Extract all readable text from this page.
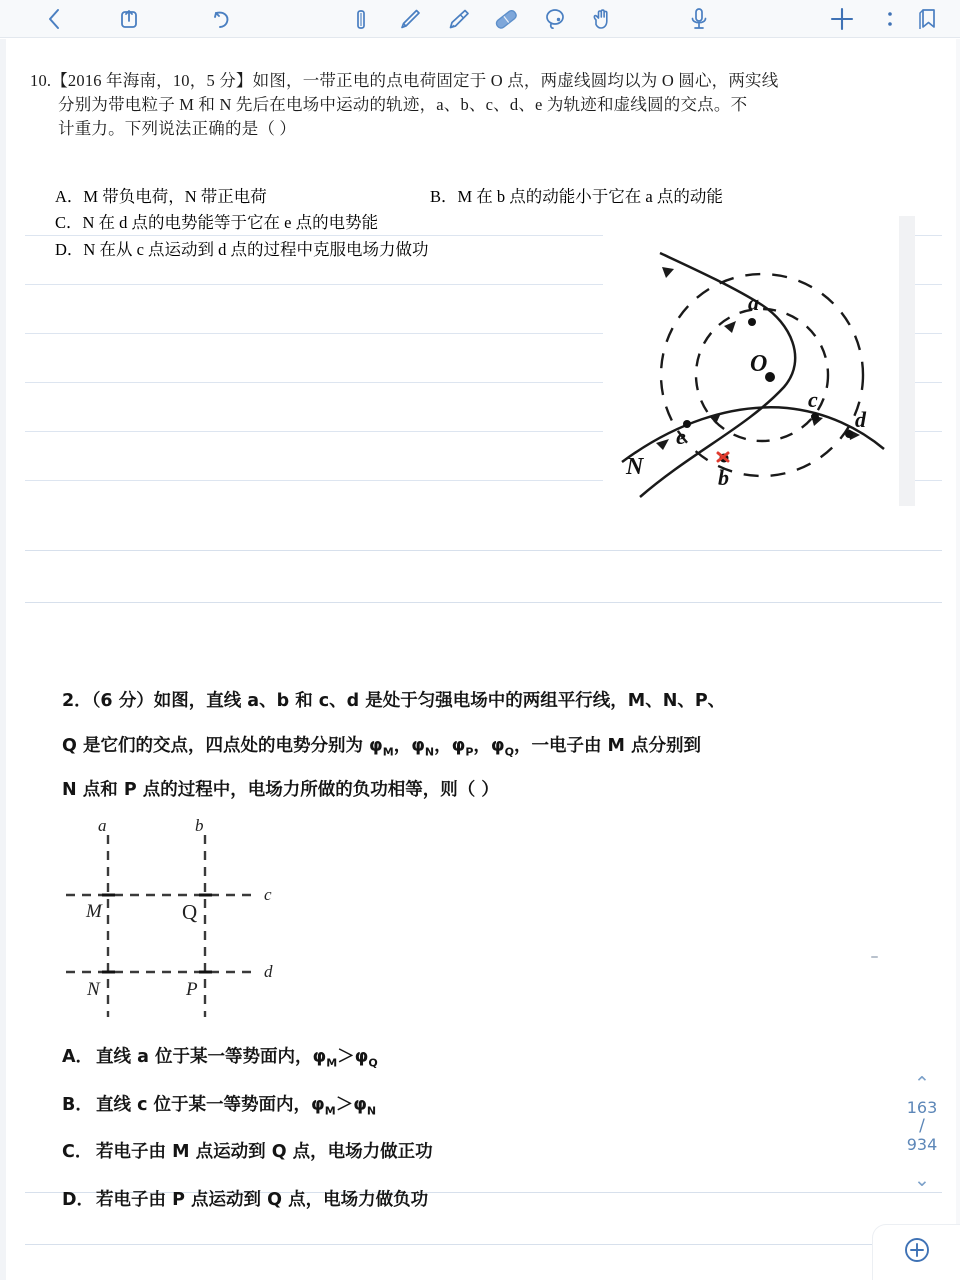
10.【2016 年海南，10，5 分】如图，一带正电的点电荷固定于 O 点，两虚线圆均以为 O 圆心，两实线
分别为带电粒子 M 和 N 先后在电场中运动的轨迹，a、b、c、d、e 为轨迹和虚线圆的交点。不
计重力。下列说法正确的是（ ）
A．M 带负电荷，N 带正电荷	B．M 在 b 点的动能小于它在 a 点的动能
C．N 在 d 点的电势能等于它在 e 点的电势能
D．N 在从 c 点运动到 d 点的过程中克服电场力做功
a
b
c
d
e
O
N
2．（6 分）如图，直线 a、b 和 c、d 是处于匀强电场中的两组平行线，M、N、P、
Q 是它们的交点，四点处的电势分别为 $\varphi_M$，$\varphi_N$，$\varphi_P$，$\varphi_Q$，一电子由 M 点分别到
N 点和 P 点的过程中，电场力所做的负功相等，则（ ）
a	b
c
d
M	Q
N	P
A． 直线 a 位于某一等势面内，$\varphi_M>\varphi_Q$
B． 直线 c 位于某一等势面内，$\varphi_M>\varphi_N$
C． 若电子由 M 点运动到 Q 点，电场力做正功
D． 若电子由 P 点运动到 Q 点，电场力做负功
⌃
163
/
934
⌄
